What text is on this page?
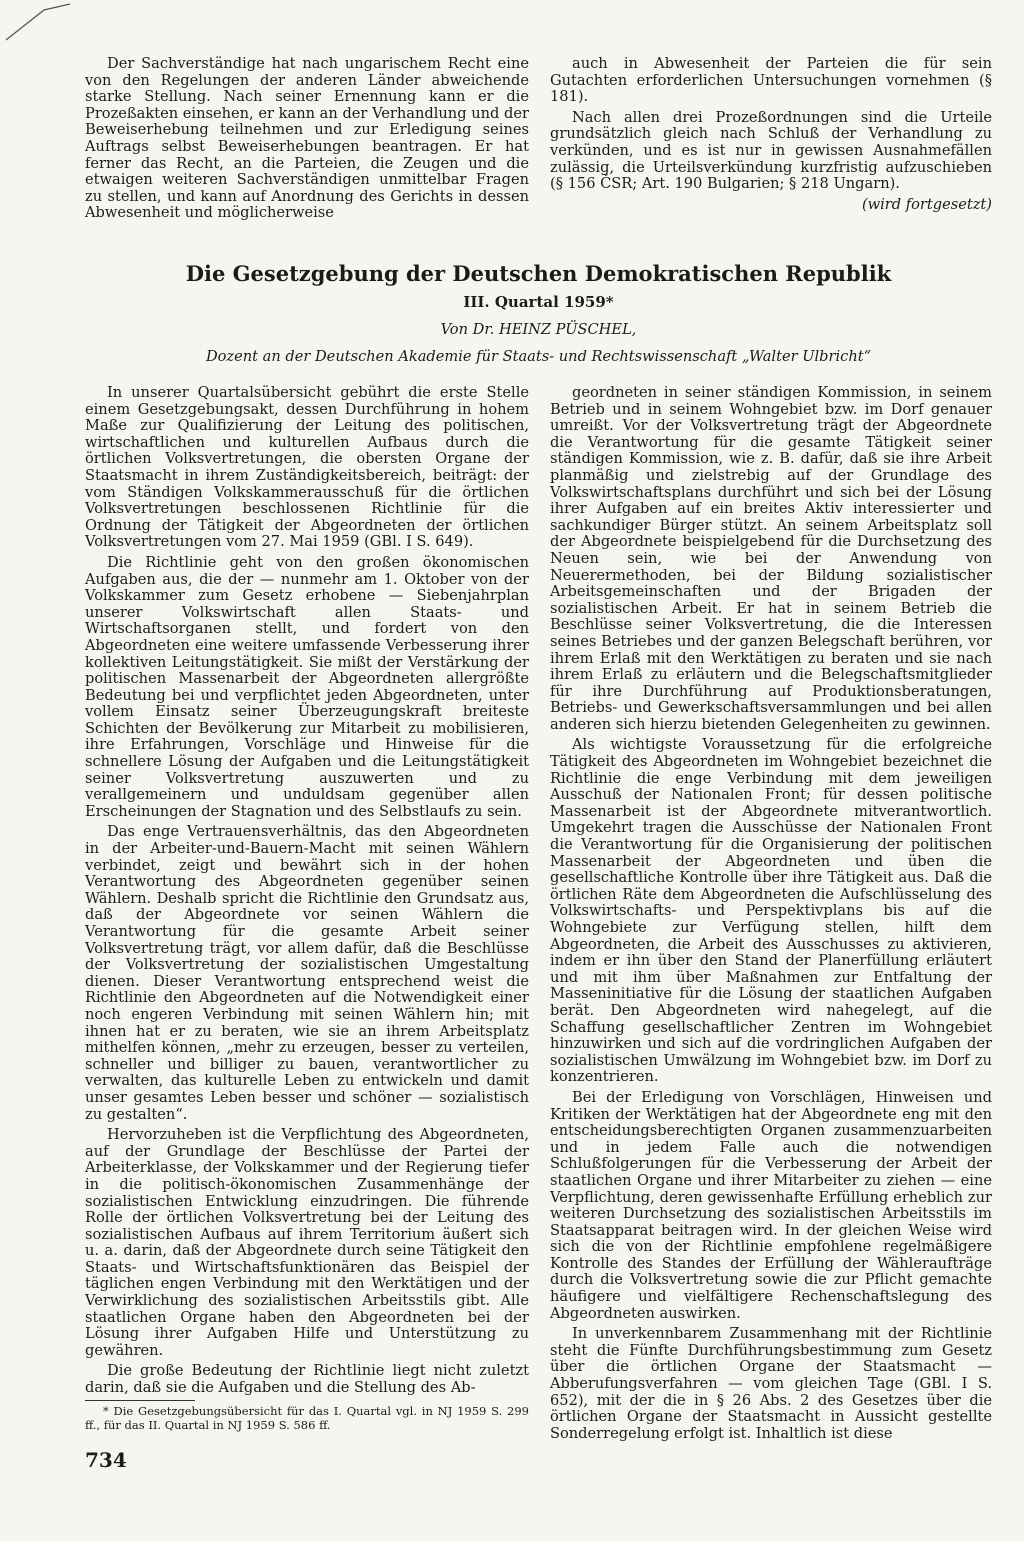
Der Sachverständige hat nach ungarischem Recht eine von den Regelungen der anderen Länder abweichende starke Stellung. Nach seiner Ernennung kann er die Prozeßakten einsehen, er kann an der Verhandlung und der Beweiserhebung teilnehmen und zur Erledigung seines Auftrags selbst Beweiserhebungen beantragen. Er hat ferner das Recht, an die Parteien, die Zeugen und die etwaigen weiteren Sachverständigen unmittelbar Fragen zu stellen, und kann auf Anordnung des Gerichts in dessen Abwesenheit und möglicherweise

auch in Abwesenheit der Parteien die für sein Gutachten erforderlichen Untersuchungen vornehmen (§ 181).

Nach allen drei Prozeßordnungen sind die Urteile grundsätzlich gleich nach Schluß der Verhandlung zu verkünden, und es ist nur in gewissen Ausnahmefällen zulässig, die Urteilsverkündung kurzfristig aufzuschieben (§ 156 ČSR; Art. 190 Bulgarien; § 218 Ungarn).

(wird fortgesetzt)
Die Gesetzgebung der Deutschen Demokratischen Republik
III. Quartal 1959*
Von Dr. HEINZ PÜSCHEL,
Dozent an der Deutschen Akademie für Staats- und Rechtswissenschaft „Walter Ulbricht“

In unserer Quartalsübersicht gebührt die erste Stelle einem Gesetzgebungsakt, dessen Durchführung in hohem Maße zur Qualifizierung der Leitung des politischen, wirtschaftlichen und kulturellen Aufbaus durch die örtlichen Volksvertretungen, die obersten Organe der Staatsmacht in ihrem Zuständigkeitsbereich, beiträgt: der vom Ständigen Volkskammerausschuß für die örtlichen Volksvertretungen beschlossenen Richtlinie für die Ordnung der Tätigkeit der Abgeordneten der örtlichen Volksvertretungen vom 27. Mai 1959 (GBl. I S. 649).

Die Richtlinie geht von den großen ökonomischen Aufgaben aus, die der — nunmehr am 1. Oktober von der Volkskammer zum Gesetz erhobene — Siebenjahrplan unserer Volkswirtschaft allen Staats- und Wirtschaftsorganen stellt, und fordert von den Abgeordneten eine weitere umfassende Verbesserung ihrer kollektiven Leitungstätigkeit. Sie mißt der Verstärkung der politischen Massenarbeit der Abgeordneten allergrößte Bedeutung bei und verpflichtet jeden Abgeordneten, unter vollem Einsatz seiner Überzeugungskraft breiteste Schichten der Bevölkerung zur Mitarbeit zu mobilisieren, ihre Erfahrungen, Vorschläge und Hinweise für die schnellere Lösung der Aufgaben und die Leitungstätigkeit seiner Volksvertretung auszuwerten und zu verallgemeinern und unduldsam gegenüber allen Erscheinungen der Stagnation und des Selbstlaufs zu sein.

Das enge Vertrauensverhältnis, das den Abgeordneten in der Arbeiter-und-Bauern-Macht mit seinen Wählern verbindet, zeigt und bewährt sich in der hohen Verantwortung des Abgeordneten gegenüber seinen Wählern. Deshalb spricht die Richtlinie den Grundsatz aus, daß der Abgeordnete vor seinen Wählern die Verantwortung für die gesamte Arbeit seiner Volksvertretung trägt, vor allem dafür, daß die Beschlüsse der Volksvertretung der sozialistischen Umgestaltung dienen. Dieser Verantwortung entsprechend weist die Richtlinie den Abgeordneten auf die Notwendigkeit einer noch engeren Verbindung mit seinen Wählern hin; mit ihnen hat er zu beraten, wie sie an ihrem Arbeitsplatz mithelfen können, „mehr zu erzeugen, besser zu verteilen, schneller und billiger zu bauen, verantwortlicher zu verwalten, das kulturelle Leben zu entwickeln und damit unser gesamtes Leben besser und schöner — sozialistisch zu gestalten“.

Hervorzuheben ist die Verpflichtung des Abgeordneten, auf der Grundlage der Beschlüsse der Partei der Arbeiterklasse, der Volkskammer und der Regierung tiefer in die politisch-ökonomischen Zusammenhänge der sozialistischen Entwicklung einzudringen. Die führende Rolle der örtlichen Volksvertretung bei der Leitung des sozialistischen Aufbaus auf ihrem Territorium äußert sich u. a. darin, daß der Abgeordnete durch seine Tätigkeit den Staats- und Wirtschaftsfunktionären das Beispiel der täglichen engen Verbindung mit den Werktätigen und der Verwirklichung des sozialistischen Arbeitsstils gibt. Alle staatlichen Organe haben den Abgeordneten bei der Lösung ihrer Aufgaben Hilfe und Unterstützung zu gewähren.

Die große Bedeutung der Richtlinie liegt nicht zuletzt darin, daß sie die Aufgaben und die Stellung des Ab-

geordneten in seiner ständigen Kommission, in seinem Betrieb und in seinem Wohngebiet bzw. im Dorf genauer umreißt. Vor der Volksvertretung trägt der Abgeordnete die Verantwortung für die gesamte Tätigkeit seiner ständigen Kommission, wie z. B. dafür, daß sie ihre Arbeit planmäßig und zielstrebig auf der Grundlage des Volkswirtschaftsplans durchführt und sich bei der Lösung ihrer Aufgaben auf ein breites Aktiv interessierter und sachkundiger Bürger stützt. An seinem Arbeitsplatz soll der Abgeordnete beispielgebend für die Durchsetzung des Neuen sein, wie bei der Anwendung von Neuerermethoden, bei der Bildung sozialistischer Arbeitsgemeinschaften und der Brigaden der sozialistischen Arbeit. Er hat in seinem Betrieb die Beschlüsse seiner Volksvertretung, die die Interessen seines Betriebes und der ganzen Belegschaft berühren, vor ihrem Erlaß mit den Werktätigen zu beraten und sie nach ihrem Erlaß zu erläutern und die Belegschaftsmitglieder für ihre Durchführung auf Produktionsberatungen, Betriebs- und Gewerkschaftsversammlungen und bei allen anderen sich hierzu bietenden Gelegenheiten zu gewinnen.

Als wichtigste Voraussetzung für die erfolgreiche Tätigkeit des Abgeordneten im Wohngebiet bezeichnet die Richtlinie die enge Verbindung mit dem jeweiligen Ausschuß der Nationalen Front; für dessen politische Massenarbeit ist der Abgeordnete mitverantwortlich. Umgekehrt tragen die Ausschüsse der Nationalen Front die Verantwortung für die Organisierung der politischen Massenarbeit der Abgeordneten und üben die gesellschaftliche Kontrolle über ihre Tätigkeit aus. Daß die örtlichen Räte dem Abgeordneten die Aufschlüsselung des Volkswirtschafts- und Perspektivplans bis auf die Wohngebiete zur Verfügung stellen, hilft dem Abgeordneten, die Arbeit des Ausschusses zu aktivieren, indem er ihn über den Stand der Planerfüllung erläutert und mit ihm über Maßnahmen zur Entfaltung der Masseninitiative für die Lösung der staatlichen Aufgaben berät. Den Abgeordneten wird nahegelegt, auf die Schaffung gesellschaftlicher Zentren im Wohngebiet hinzuwirken und sich auf die vordringlichen Aufgaben der sozialistischen Umwälzung im Wohngebiet bzw. im Dorf zu konzentrieren.

Bei der Erledigung von Vorschlägen, Hinweisen und Kritiken der Werktätigen hat der Abgeordnete eng mit den entscheidungsberechtigten Organen zusammenzuarbeiten und in jedem Falle auch die notwendigen Schlußfolgerungen für die Verbesserung der Arbeit der staatlichen Organe und ihrer Mitarbeiter zu ziehen — eine Verpflichtung, deren gewissenhafte Erfüllung erheblich zur weiteren Durchsetzung des sozialistischen Arbeitsstils im Staatsapparat beitragen wird. In der gleichen Weise wird sich die von der Richtlinie empfohlene regelmäßigere Kontrolle des Standes der Erfüllung der Wähleraufträge durch die Volksvertretung sowie die zur Pflicht gemachte häufigere und vielfältigere Rechenschaftslegung des Abgeordneten auswirken.

In unverkennbarem Zusammenhang mit der Richtlinie steht die Fünfte Durchführungsbestimmung zum Gesetz über die örtlichen Organe der Staatsmacht — Abberufungsverfahren — vom gleichen Tage (GBl. I S. 652), mit der die in § 26 Abs. 2 des Gesetzes über die örtlichen Organe der Staatsmacht in Aussicht gestellte Sonderregelung erfolgt ist. Inhaltlich ist diese

* Die Gesetzgebungsübersicht für das I. Quartal vgl. in NJ 1959 S. 299 ff., für das II. Quartal in NJ 1959 S. 586 ff.
734
